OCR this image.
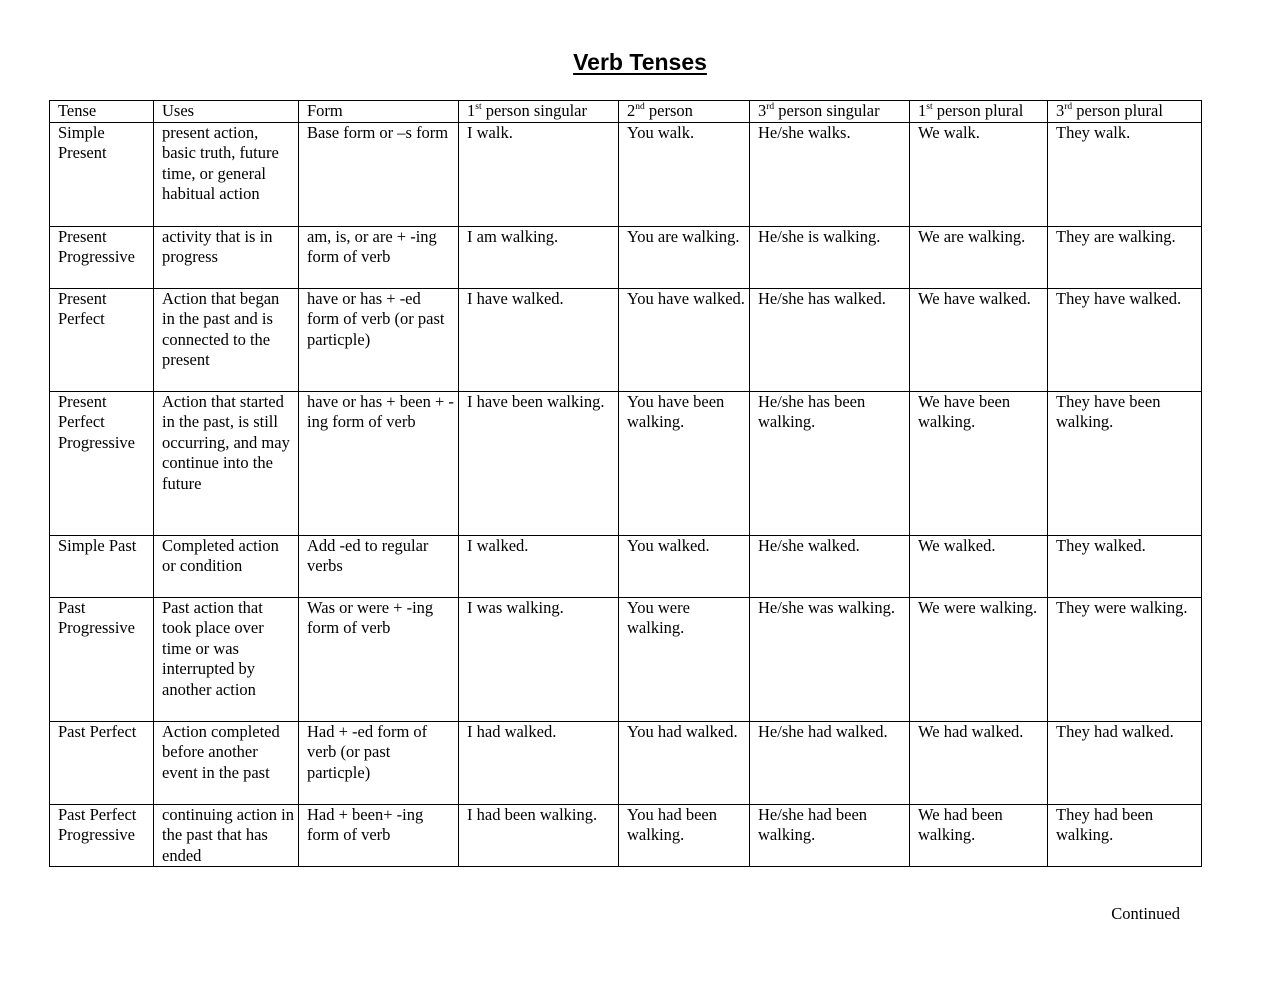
Verb Tenses
Tense	Uses	Form	1st person singular	2nd person	3rd person singular	1st person plural	3rd person plural
Simple Present	present action, basic truth, future time, or general habitual action	Base form or –s form	I walk.	You walk.	He/she walks.	We walk.	They walk.
Present Progressive	activity that is in progress	am, is, or are + -ing form of verb	I am walking.	You are walking.	He/she is walking.	We are walking.	They are walking.
Present Perfect	Action that began in the past and is connected to the present	have or has + -ed form of verb (or past particple)	I have walked.	You have walked.	He/she has walked.	We have walked.	They have walked.
Present Perfect Progressive	Action that started in the past, is still occurring, and may continue into the future	have or has + been + -ing form of verb	I have been walking.	You have been walking.	He/she has been walking.	We have been walking.	They have been walking.
Simple Past	Completed action or condition	Add -ed to regular verbs	I walked.	You walked.	He/she walked.	We walked.	They walked.
Past Progressive	Past action that took place over time or was interrupted by another action	Was or were + -ing form of verb	I was walking.	You were walking.	He/she was walking.	We were walking.	They were walking.
Past Perfect	Action completed before another event in the past	Had + -ed form of verb (or past particple)	I had walked.	You had walked.	He/she had walked.	We had walked.	They had walked.
Past Perfect Progressive	continuing action in the past that has ended	Had + been+ -ing form of verb	I had been walking.	You had been walking.	He/she had been walking.	We had been walking.	They had been walking.
Continued
